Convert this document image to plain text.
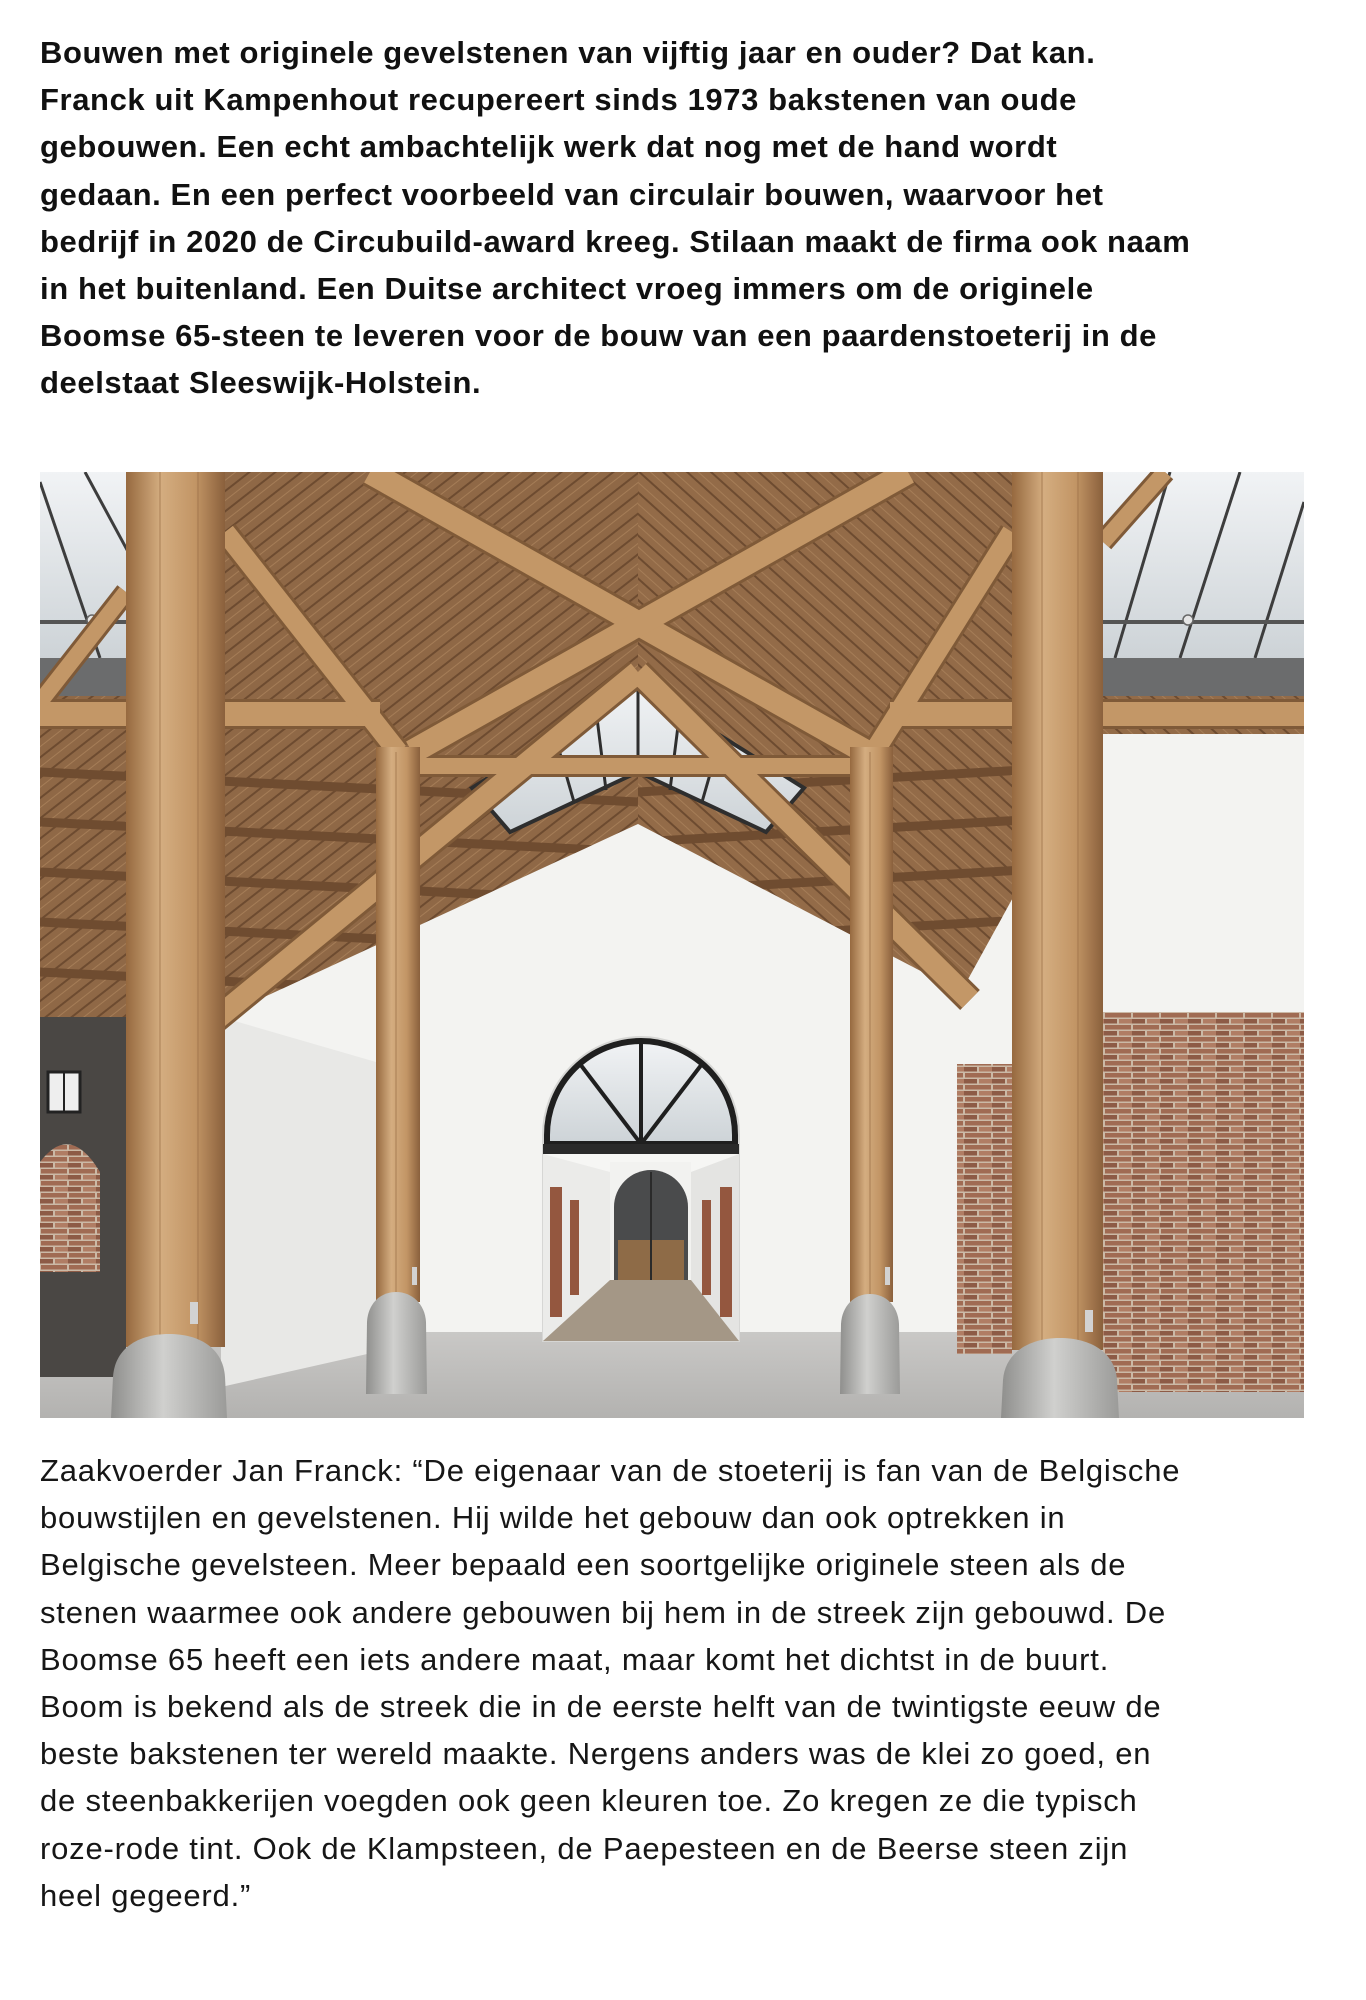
Bouwen met originele gevelstenen van vijftig jaar en ouder? Dat kan.
Franck uit Kampenhout recupereert sinds 1973 bakstenen van oude
gebouwen. Een echt ambachtelijk werk dat nog met de hand wordt
gedaan. En een perfect voorbeeld van circulair bouwen, waarvoor het
bedrijf in 2020 de Circubuild-award kreeg. Stilaan maakt de firma ook naam
in het buitenland. Een Duitse architect vroeg immers om de originele
Boomse 65-steen te leveren voor de bouw van een paardenstoeterij in de
deelstaat Sleeswijk-Holstein.
Zaakvoerder Jan Franck: “De eigenaar van de stoeterij is fan van de Belgische
bouwstijlen en gevelstenen. Hij wilde het gebouw dan ook optrekken in
Belgische gevelsteen. Meer bepaald een soortgelijke originele steen als de
stenen waarmee ook andere gebouwen bij hem in de streek zijn gebouwd. De
Boomse 65 heeft een iets andere maat, maar komt het dichtst in de buurt.
Boom is bekend als de streek die in de eerste helft van de twintigste eeuw de
beste bakstenen ter wereld maakte. Nergens anders was de klei zo goed, en
de steenbakkerijen voegden ook geen kleuren toe. Zo kregen ze die typisch
roze-rode tint. Ook de Klampsteen, de Paepesteen en de Beerse steen zijn
heel gegeerd.”
